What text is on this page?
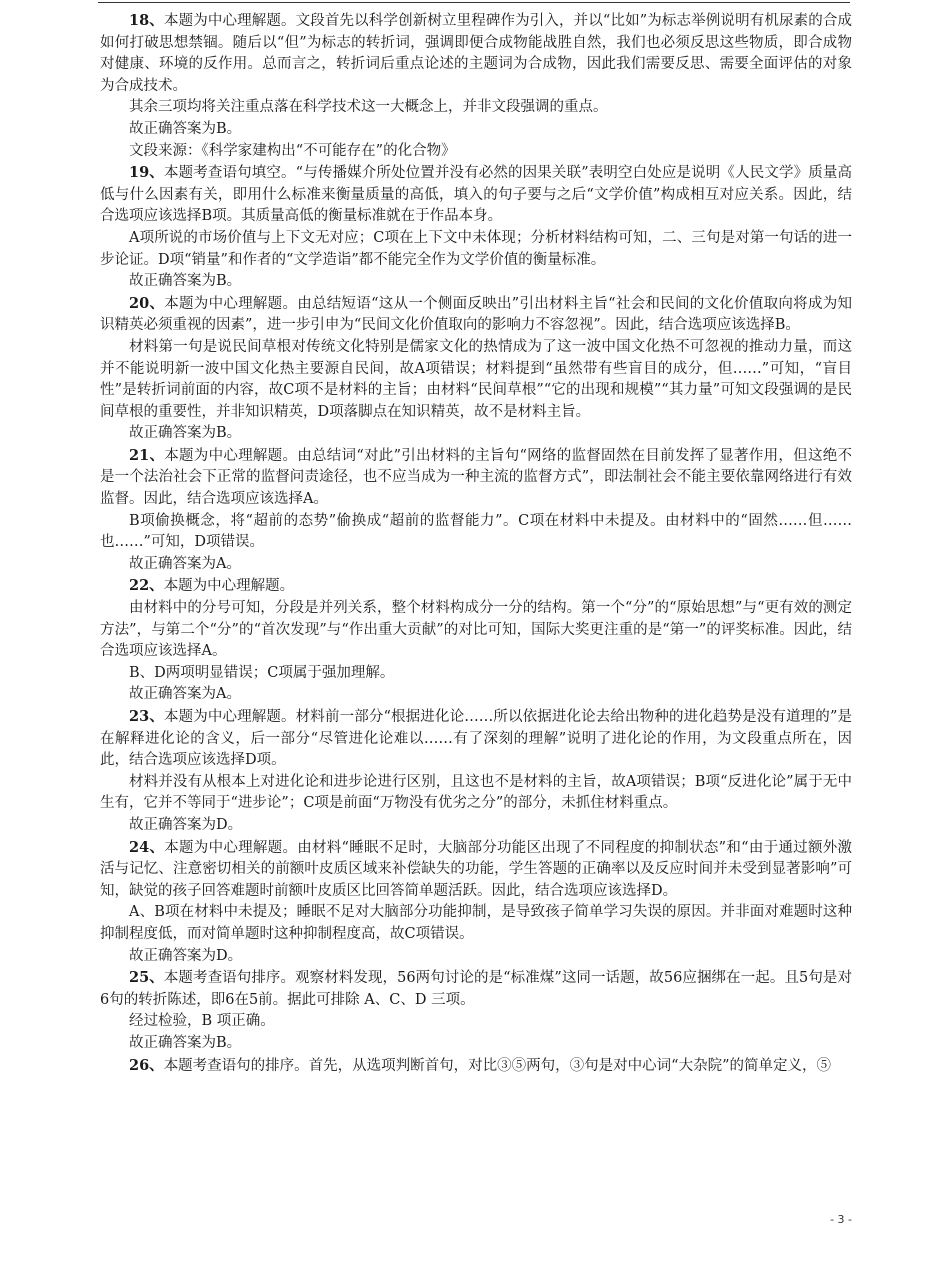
18、本题为中心理解题。文段首先以科学创新树立里程碑作为引入，并以“比如”为标志举例说明有机尿素的合成如何打破思想禁锢。随后以“但”为标志的转折词，强调即便合成物能战胜自然，我们也必须反思这些物质，即合成物对健康、环境的反作用。总而言之，转折词后重点论述的主题词为合成物，因此我们需要反思、需要全面评估的对象为合成技术。

其余三项均将关注重点落在科学技术这一大概念上，并非文段强调的重点。

故正确答案为B。

文段来源：《科学家建构出“不可能存在”的化合物》

19、本题考查语句填空。“与传播媒介所处位置并没有必然的因果关联”表明空白处应是说明《人民文学》质量高低与什么因素有关，即用什么标准来衡量质量的高低，填入的句子要与之后“文学价值”构成相互对应关系。因此，结合选项应该选择B项。其质量高低的衡量标准就在于作品本身。

A项所说的市场价值与上下文无对应；C项在上下文中未体现；分析材料结构可知，二、三句是对第一句话的进一步论证。D项“销量”和作者的“文学造诣”都不能完全作为文学价值的衡量标准。

故正确答案为B。

20、本题为中心理解题。由总结短语“这从一个侧面反映出”引出材料主旨“社会和民间的文化价值取向将成为知识精英必须重视的因素”，进一步引申为“民间文化价值取向的影响力不容忽视”。因此，结合选项应该选择B。

材料第一句是说民间草根对传统文化特别是儒家文化的热情成为了这一波中国文化热不可忽视的推动力量，而这并不能说明新一波中国文化热主要源自民间，故A项错误；材料提到“虽然带有些盲目的成分，但……”可知，“盲目性”是转折词前面的内容，故C项不是材料的主旨；由材料“民间草根”“它的出现和规模”“其力量”可知文段强调的是民间草根的重要性，并非知识精英，D项落脚点在知识精英，故不是材料主旨。

故正确答案为B。

21、本题为中心理解题。由总结词“对此”引出材料的主旨句“网络的监督固然在目前发挥了显著作用，但这绝不是一个法治社会下正常的监督问责途径，也不应当成为一种主流的监督方式”，即法制社会不能主要依靠网络进行有效监督。因此，结合选项应该选择A。

B项偷换概念，将“超前的态势”偷换成“超前的监督能力”。C项在材料中未提及。由材料中的“固然……但……也……”可知，D项错误。

故正确答案为A。

22、本题为中心理解题。

由材料中的分号可知，分段是并列关系，整个材料构成分一分的结构。第一个“分”的“原始思想”与“更有效的测定方法”，与第二个“分”的“首次发现”与“作出重大贡献”的对比可知，国际大奖更注重的是“第一”的评奖标准。因此，结合选项应该选择A。

B、D两项明显错误；C项属于强加理解。

故正确答案为A。

23、本题为中心理解题。材料前一部分“根据进化论……所以依据进化论去给出物种的进化趋势是没有道理的”是在解释进化论的含义，后一部分“尽管进化论难以……有了深刻的理解”说明了进化论的作用，为文段重点所在，因此，结合选项应该选择D项。

材料并没有从根本上对进化论和进步论进行区别，且这也不是材料的主旨，故A项错误；B项“反进化论”属于无中生有，它并不等同于“进步论”；C项是前面“万物没有优劣之分”的部分，未抓住材料重点。

故正确答案为D。

24、本题为中心理解题。由材料“睡眠不足时，大脑部分功能区出现了不同程度的抑制状态”和“由于通过额外激活与记忆、注意密切相关的前额叶皮质区域来补偿缺失的功能，学生答题的正确率以及反应时间并未受到显著影响”可知，缺觉的孩子回答难题时前额叶皮质区比回答简单题活跃。因此，结合选项应该选择D。

A、B项在材料中未提及；睡眠不足对大脑部分功能抑制，是导致孩子简单学习失误的原因。并非面对难题时这种抑制程度低，而对简单题时这种抑制程度高，故C项错误。

故正确答案为D。

25、本题考查语句排序。观察材料发现，56两句讨论的是“标准煤”这同一话题，故56应捆绑在一起。且5句是对6句的转折陈述，即6在5前。据此可排除 A、C、D 三项。

经过检验，B 项正确。

故正确答案为B。

26、本题考查语句的排序。首先，从选项判断首句，对比③⑤两句，③句是对中心词“大杂院”的简单定义，⑤

- 3 -
